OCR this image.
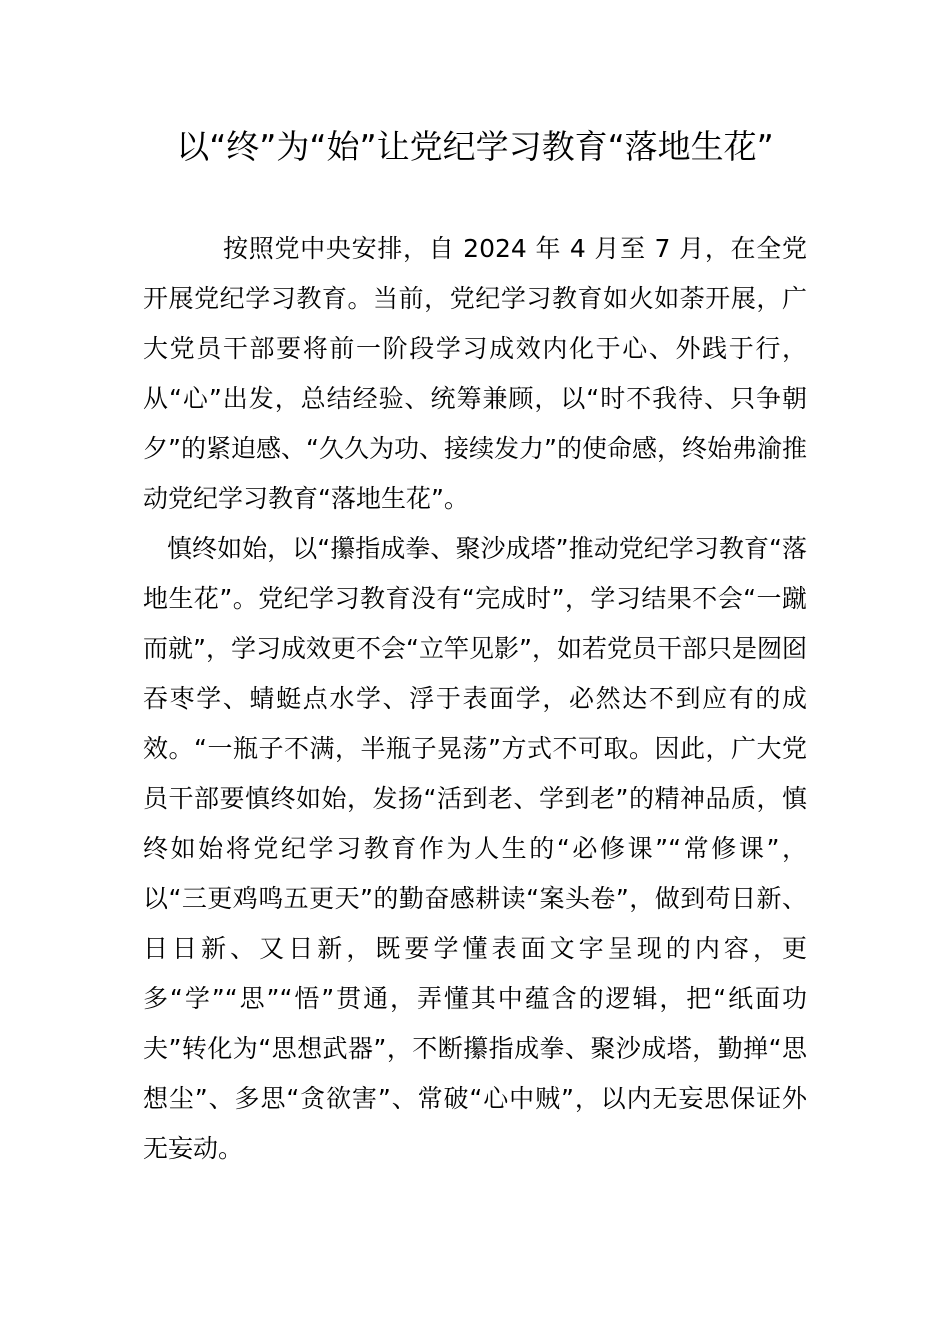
以“终”为“始”让党纪学习教育“落地生花”

按照党中央安排，自 2024 年 4 月至 7 月，在全党开展党纪学习教育。当前，党纪学习教育如火如荼开展，广大党员干部要将前一阶段学习成效内化于心、外践于行，从“心”出发，总结经验、统筹兼顾，以“时不我待、只争朝夕”的紧迫感、“久久为功、接续发力”的使命感，终始弗渝推动党纪学习教育“落地生花”。

慎终如始，以“攥指成拳、聚沙成塔”推动党纪学习教育“落地生花”。党纪学习教育没有“完成时”，学习结果不会“一蹴而就”，学习成效更不会“立竿见影”，如若党员干部只是囫囵吞枣学、蜻蜓点水学、浮于表面学，必然达不到应有的成效。“一瓶子不满，半瓶子晃荡”方式不可取。因此，广大党员干部要慎终如始，发扬“活到老、学到老”的精神品质，慎终如始将党纪学习教育作为人生的“必修课”“常修课”，以“三更鸡鸣五更天”的勤奋感耕读“案头卷”，做到苟日新、日日新、又日新，既要学懂表面文字呈现的内容，更多“学”“思”“悟”贯通，弄懂其中蕴含的逻辑，把“纸面功夫”转化为“思想武器”，不断攥指成拳、聚沙成塔，勤掸“思想尘”、多思“贪欲害”、常破“心中贼”，以内无妄思保证外无妄动。
